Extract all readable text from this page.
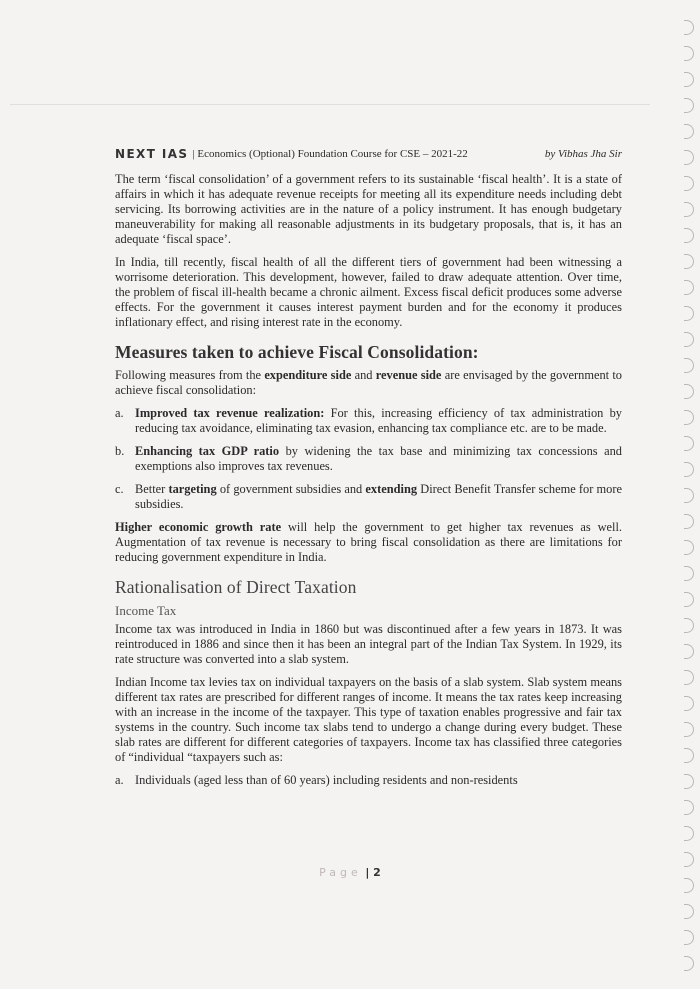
NEXT IAS | Economics (Optional) Foundation Course for CSE – 2021-22	by Vibhas Jha Sir

The term ‘fiscal consolidation’ of a government refers to its sustainable ‘fiscal health’. It is a state of affairs in which it has adequate revenue receipts for meeting all its expenditure needs including debt servicing. Its borrowing activities are in the nature of a policy instrument. It has enough budgetary maneuverability for making all reasonable adjustments in its budgetary proposals, that is, it has an adequate ‘fiscal space’.

In India, till recently, fiscal health of all the different tiers of government had been witnessing a worrisome deterioration. This development, however, failed to draw adequate attention. Over time, the problem of fiscal ill-health became a chronic ailment. Excess fiscal deficit produces some adverse effects. For the government it causes interest payment burden and for the economy it produces inflationary effect, and rising interest rate in the economy.

Measures taken to achieve Fiscal Consolidation:

Following measures from the expenditure side and revenue side are envisaged by the government to achieve fiscal consolidation:

a. Improved tax revenue realization: For this, increasing efficiency of tax administration by reducing tax avoidance, eliminating tax evasion, enhancing tax compliance etc. are to be made.
b. Enhancing tax GDP ratio by widening the tax base and minimizing tax concessions and exemptions also improves tax revenues.
c. Better targeting of government subsidies and extending Direct Benefit Transfer scheme for more subsidies.

Higher economic growth rate will help the government to get higher tax revenues as well. Augmentation of tax revenue is necessary to bring fiscal consolidation as there are limitations for reducing government expenditure in India.

Rationalisation of Direct Taxation
Income Tax

Income tax was introduced in India in 1860 but was discontinued after a few years in 1873. It was reintroduced in 1886 and since then it has been an integral part of the Indian Tax System. In 1929, its rate structure was converted into a slab system.

Indian Income tax levies tax on individual taxpayers on the basis of a slab system. Slab system means different tax rates are prescribed for different ranges of income. It means the tax rates keep increasing with an increase in the income of the taxpayer. This type of taxation enables progressive and fair tax systems in the country. Such income tax slabs tend to undergo a change during every budget. These slab rates are different for different categories of taxpayers. Income tax has classified three categories of “individual “taxpayers such as:

a. Individuals (aged less than of 60 years) including residents and non-residents
Page | 2
